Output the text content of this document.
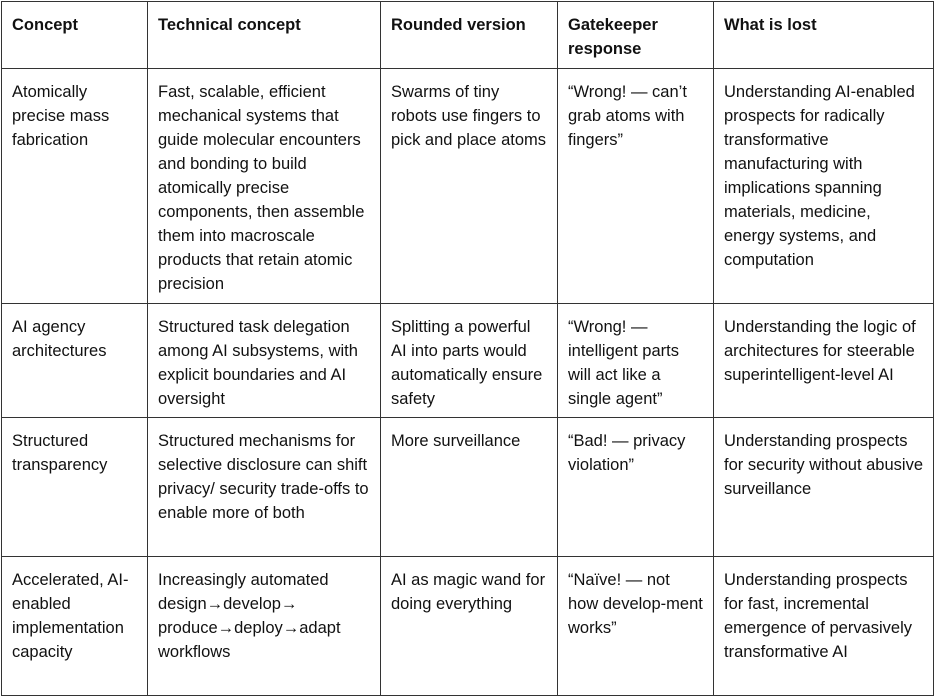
Concept	Technical concept	Rounded version	Gatekeeper response	What is lost
Atomically precise mass fabrication	Fast, scalable, efficient mechanical systems that guide molecular encounters and bonding to build atomically precise components, then assemble them into macroscale products that retain atomic precision	Swarms of tiny robots use fingers to pick and place atoms	“Wrong! — can’t grab atoms with fingers”	Understanding AI-enabled prospects for radically transformative manufacturing with implications spanning materials, medicine, energy systems, and computation
AI agency architectures	Structured task delegation among AI subsystems, with explicit boundaries and AI oversight	Splitting a powerful AI into parts would automatically ensure safety	“Wrong! — intelligent parts will act like a single agent”	Understanding the logic of architectures for steerable superintelligent-level AI
Structured transparency	Structured mechanisms for selective disclosure can shift privacy/ security trade-offs to enable more of both	More surveillance	“Bad! — privacy violation”	Understanding prospects for security without abusive surveillance
Accelerated, AI-enabled implementation capacity	Increasingly automated design→develop→ produce→deploy→adapt workflows	AI as magic wand for doing everything	“Naïve! — not how develop-ment works”	Understanding prospects for fast, incremental emergence of pervasively transformative AI
